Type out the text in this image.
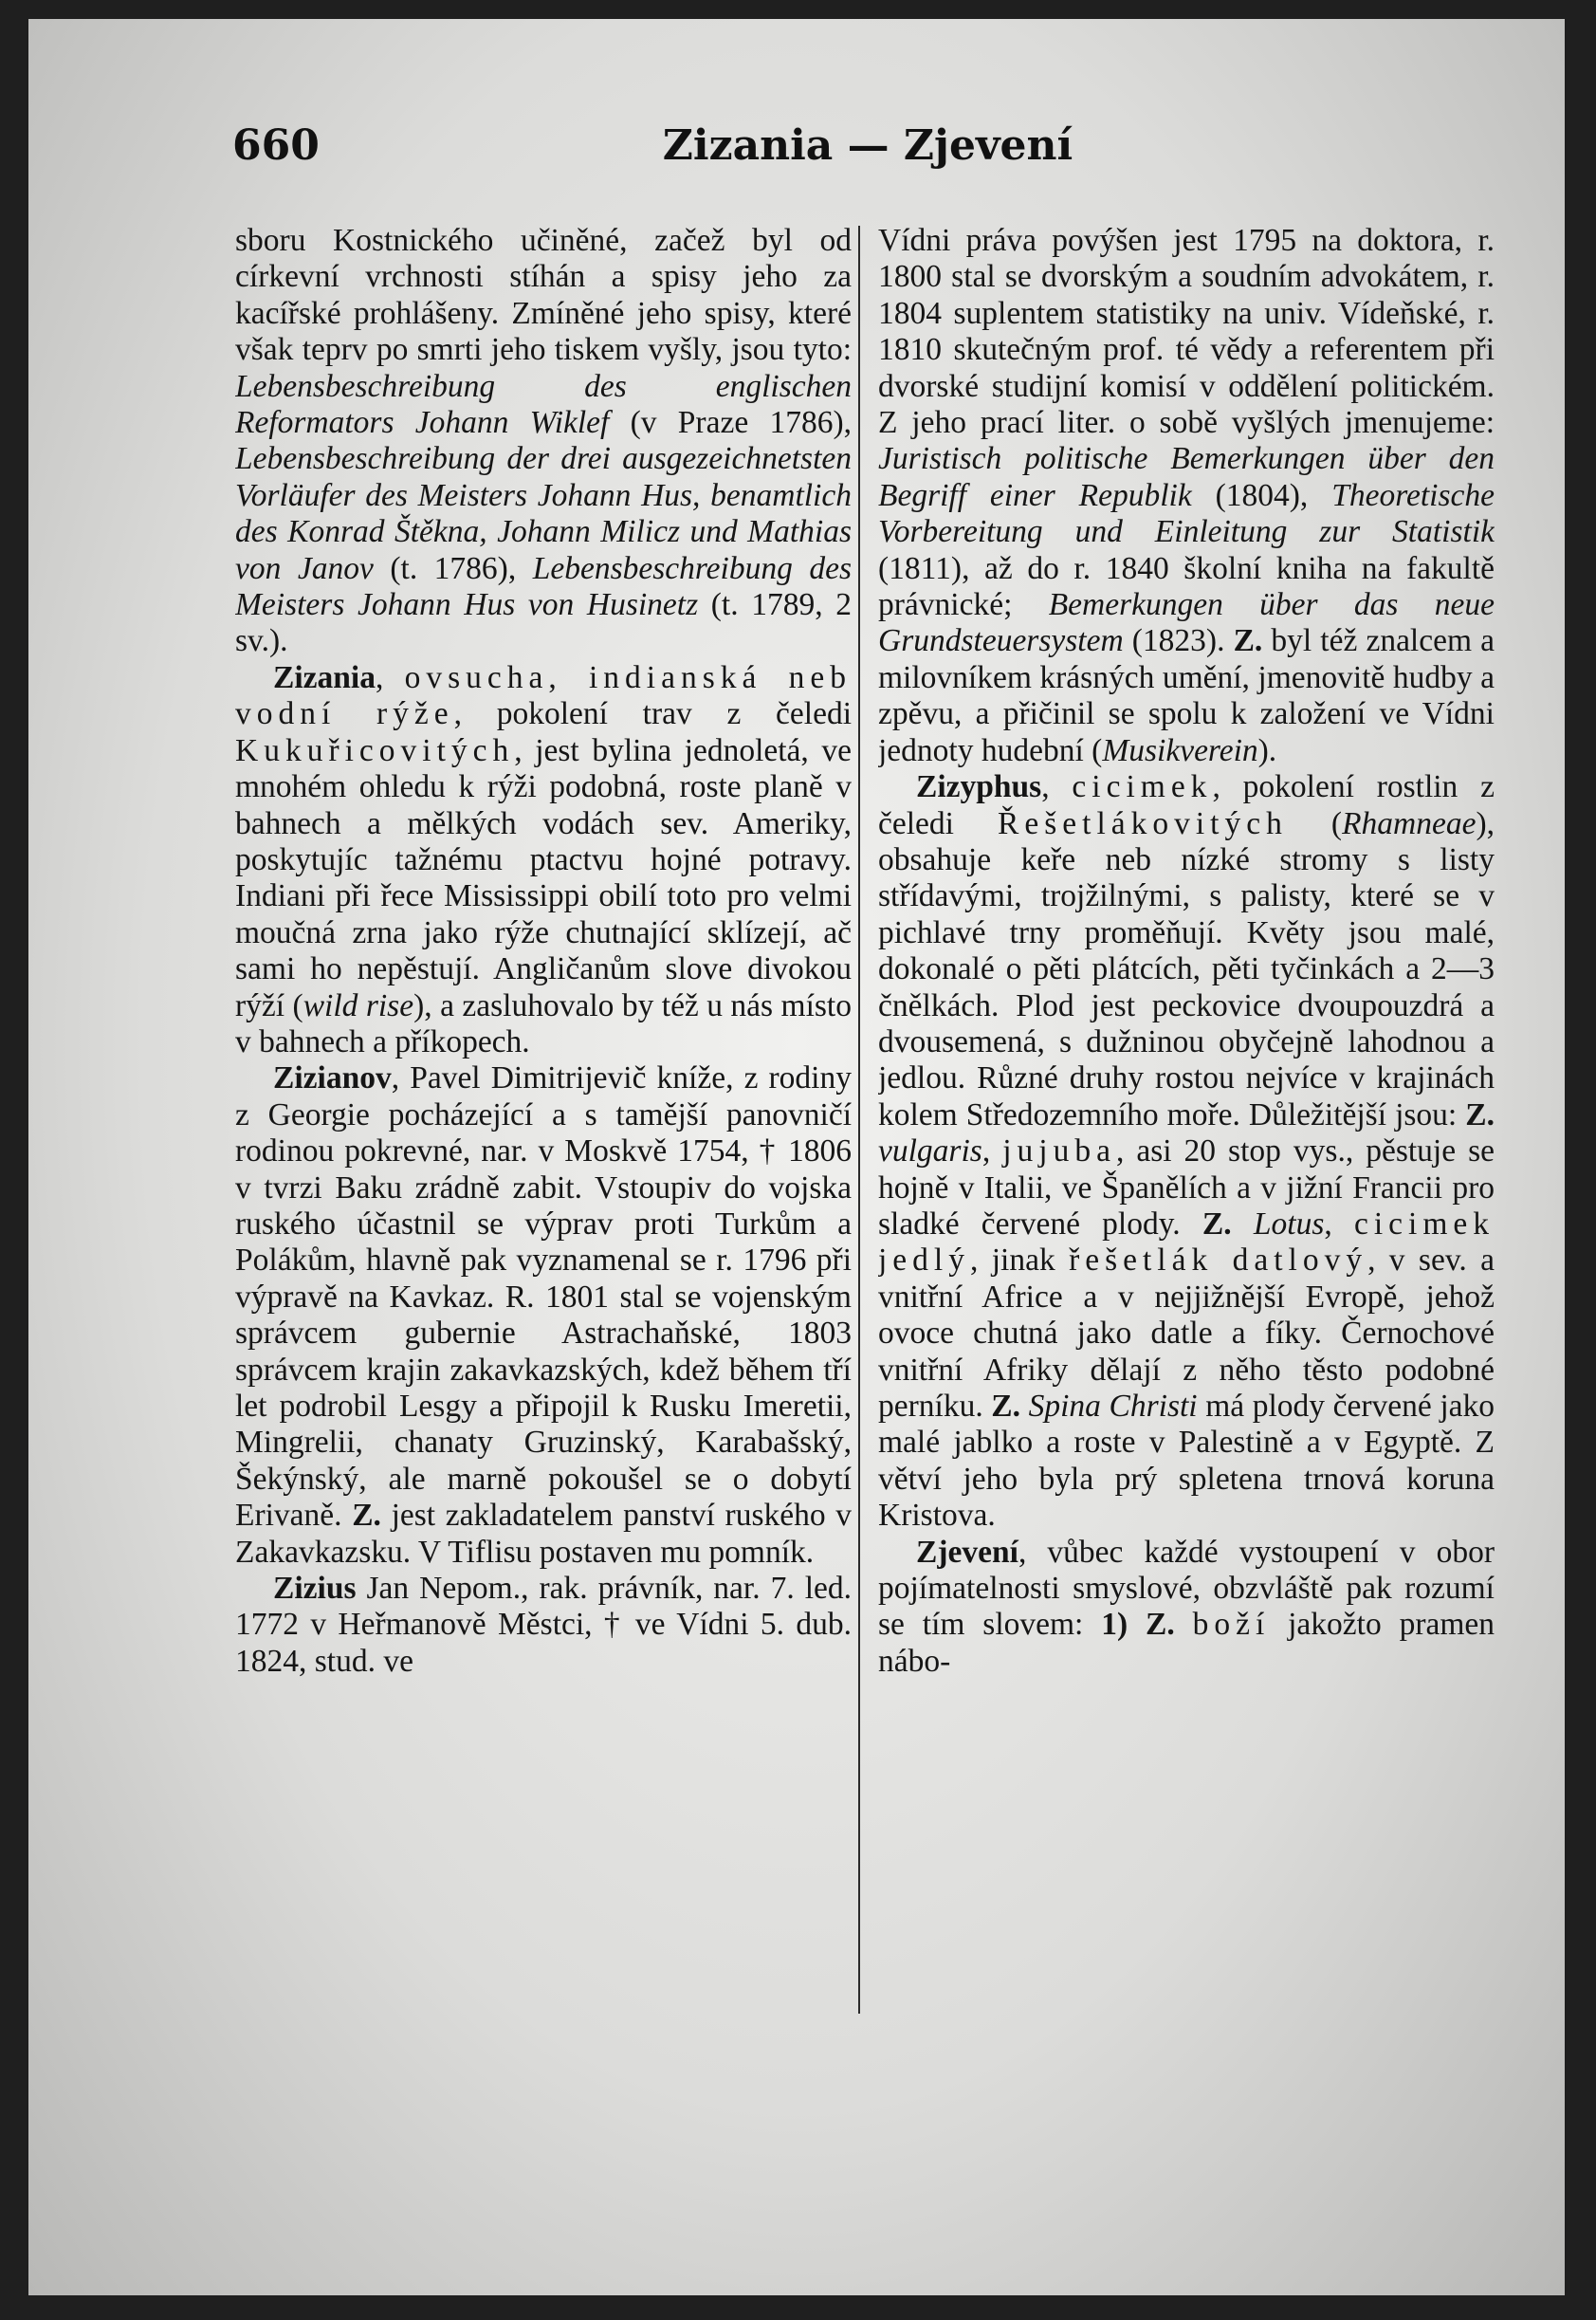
660	Zizania — Zjevení

sboru Kostnického učiněné, začež byl od církevní vrchnosti stíhán a spisy jeho za kacířské prohlášeny. Zmíněné jeho spisy, které však teprv po smrti jeho tiskem vyšly, jsou tyto: Lebensbeschreibung des englischen Reformators Johann Wiklef (v Praze 1786), Lebensbeschreibung der drei ausgezeichnetsten Vorläufer des Meisters Johann Hus, benamtlich des Konrad Štěkna, Johann Milicz und Mathias von Janov (t. 1786), Lebensbeschreibung des Meisters Johann Hus von Husinetz (t. 1789, 2 sv.).

Zizania, ovsucha, indianská neb vodní rýže, pokolení trav z čeledi Kukuřicovitých, jest bylina jednoletá, ve mnohém ohledu k rýži podobná, roste planě v bahnech a mělkých vodách sev. Ameriky, poskytujíc tažnému ptactvu hojné potravy. Indiani při řece Mississippi obilí toto pro velmi moučná zrna jako rýže chutnající sklízejí, ač sami ho nepěstují. Angličanům slove divokou rýží (wild rise), a zasluhovalo by též u nás místo v bahnech a příkopech.

Zizianov, Pavel Dimitrijevič kníže, z rodiny z Georgie pocházející a s tamější panovničí rodinou pokrevné, nar. v Moskvě 1754, † 1806 v tvrzi Baku zrádně zabit. Vstoupiv do vojska ruského účastnil se výprav proti Turkům a Polákům, hlavně pak vyznamenal se r. 1796 při výpravě na Kavkaz. R. 1801 stal se vojenským správcem gubernie Astrachaňské, 1803 správcem krajin zakavkazských, kdež během tří let podrobil Lesgy a připojil k Rusku Imeretii, Mingrelii, chanaty Gruzinský, Karabašský, Šekýnský, ale marně pokoušel se o dobytí Erivaně. Z. jest zakladatelem panství ruského v Zakavkazsku. V Tiflisu postaven mu pomník.

Zizius Jan Nepom., rak. právník, nar. 7. led. 1772 v Heřmanově Městci, † ve Vídni 5. dub. 1824, stud. ve

Vídni práva povýšen jest 1795 na doktora, r. 1800 stal se dvorským a soudním advokátem, r. 1804 suplentem statistiky na univ. Vídeňské, r. 1810 skutečným prof. té vědy a referentem při dvorské studijní komisí v oddělení politickém. Z jeho prací liter. o sobě vyšlých jmenujeme: Juristisch politische Bemerkungen über den Begriff einer Republik (1804), Theoretische Vorbereitung und Einleitung zur Statistik (1811), až do r. 1840 školní kniha na fakultě právnické; Bemerkungen über das neue Grundsteuersystem (1823). Z. byl též znalcem a milovníkem krásných umění, jmenovitě hudby a zpěvu, a přičinil se spolu k založení ve Vídni jednoty hudební (Musikverein).

Zizyphus, cicimek, pokolení rostlin z čeledi Řešetlákovitých (Rhamneae), obsahuje keře neb nízké stromy s listy střídavými, trojžilnými, s palisty, které se v pichlavé trny proměňují. Květy jsou malé, dokonalé o pěti plátcích, pěti tyčinkách a 2—3 čnělkách. Plod jest peckovice dvoupouzdrá a dvousemená, s dužninou obyčejně lahodnou a jedlou. Různé druhy rostou nejvíce v krajinách kolem Středozemního moře. Důležitější jsou: Z. vulgaris, jujuba, asi 20 stop vys., pěstuje se hojně v Italii, ve Španělích a v jižní Francii pro sladké červené plody. Z. Lotus, cicimek jedlý, jinak řešetlák datlový, v sev. a vnitřní Africe a v nejjižnější Evropě, jehož ovoce chutná jako datle a fíky. Černochové vnitřní Afriky dělají z něho těsto podobné perníku. Z. Spina Christi má plody červené jako malé jablko a roste v Palestině a v Egyptě. Z větví jeho byla prý spletena trnová koruna Kristova.

Zjevení, vůbec každé vystoupení v obor pojímatelnosti smyslové, obzvláště pak rozumí se tím slovem: 1) Z. boží jakožto pramen nábo-
